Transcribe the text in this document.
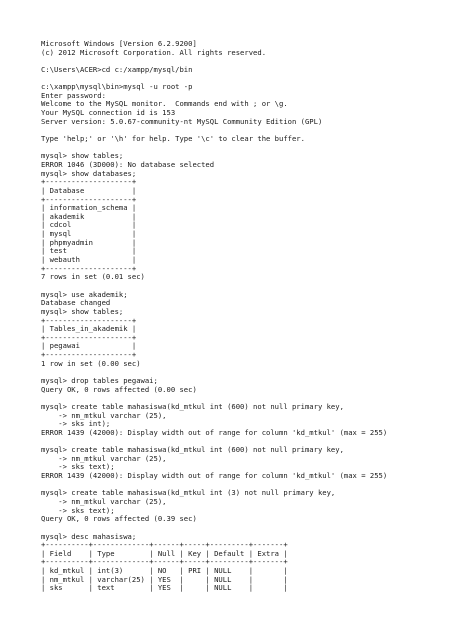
Microsoft Windows [Version 6.2.9200]
(c) 2012 Microsoft Corporation. All rights reserved.
C:\Users\ACER>cd c:/xampp/mysql/bin
c:\xampp\mysql\bin>mysql -u root -p
Enter password:
Welcome to the MySQL monitor.  Commands end with ; or \g.
Your MySQL connection id is 153
Server version: 5.0.67-community-nt MySQL Community Edition (GPL)
Type 'help;' or '\h' for help. Type '\c' to clear the buffer.
mysql> show tables;
ERROR 1046 (3D000): No database selected
mysql> show databases;
+--------------------+
| Database           |
+--------------------+
| information_schema |
| akademik           |
| cdcol              |
| mysql              |
| phpmyadmin         |
| test               |
| webauth            |
+--------------------+
7 rows in set (0.01 sec)
mysql> use akademik;
Database changed
mysql> show tables;
+--------------------+
| Tables_in_akademik |
+--------------------+
| pegawai            |
+--------------------+
1 row in set (0.00 sec)
mysql> drop tables pegawai;
Query OK, 0 rows affected (0.00 sec)
mysql> create table mahasiswa(kd_mtkul int (600) not null primary key,
-> nm_mtkul varchar (25),
-> sks int);
ERROR 1439 (42000): Display width out of range for column 'kd_mtkul' (max = 255)
mysql> create table mahasiswa(kd_mtkul int (600) not null primary key,
-> nm_mtkul varchar (25),
-> sks text);
ERROR 1439 (42000): Display width out of range for column 'kd_mtkul' (max = 255)
mysql> create table mahasiswa(kd_mtkul int (3) not null primary key,
-> nm_mtkul varchar (25),
-> sks text);
Query OK, 0 rows affected (0.39 sec)
mysql> desc mahasiswa;
+----------+-------------+------+-----+---------+-------+
| Field    | Type        | Null | Key | Default | Extra |
+----------+-------------+------+-----+---------+-------+
| kd_mtkul | int(3)      | NO   | PRI | NULL    |       |
| nm_mtkul | varchar(25) | YES  |     | NULL    |       |
| sks      | text        | YES  |     | NULL    |       |
